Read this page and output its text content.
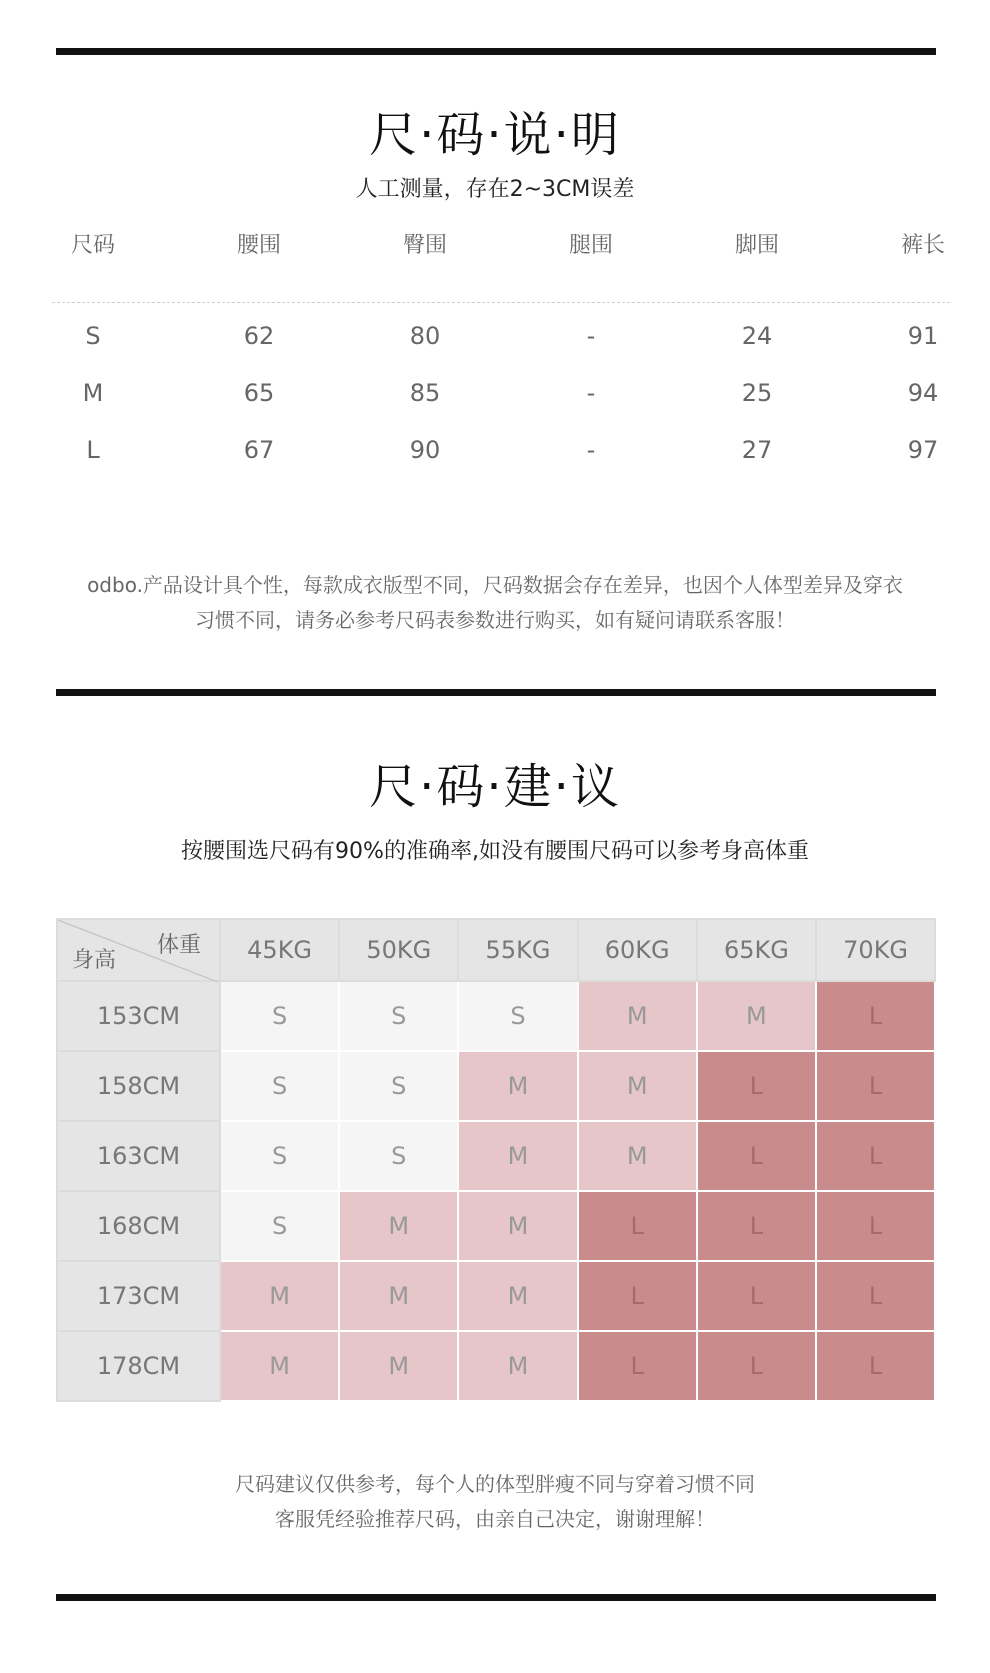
尺·码·说·明
人工测量，存在2~3CM误差
尺码	腰围	臀围	腿围	脚围	裤长
S	62	80	-	24	91
M	65	85	-	25	94
L	67	90	-	27	97
odbo.产品设计具个性，每款成衣版型不同，尺码数据会存在差异，也因个人体型差异及穿衣
习惯不同，请务必参考尺码表参数进行购买，如有疑问请联系客服！
尺·码·建·议
按腰围选尺码有90%的准确率,如没有腰围尺码可以参考身高体重
体重
身高	45KG	50KG	55KG	60KG	65KG	70KG
153CM	S	S	S	M	M	L
158CM	S	S	M	M	L	L
163CM	S	S	M	M	L	L
168CM	S	M	M	L	L	L
173CM	M	M	M	L	L	L
178CM	M	M	M	L	L	L
尺码建议仅供参考，每个人的体型胖瘦不同与穿着习惯不同
客服凭经验推荐尺码，由亲自己决定，谢谢理解！
